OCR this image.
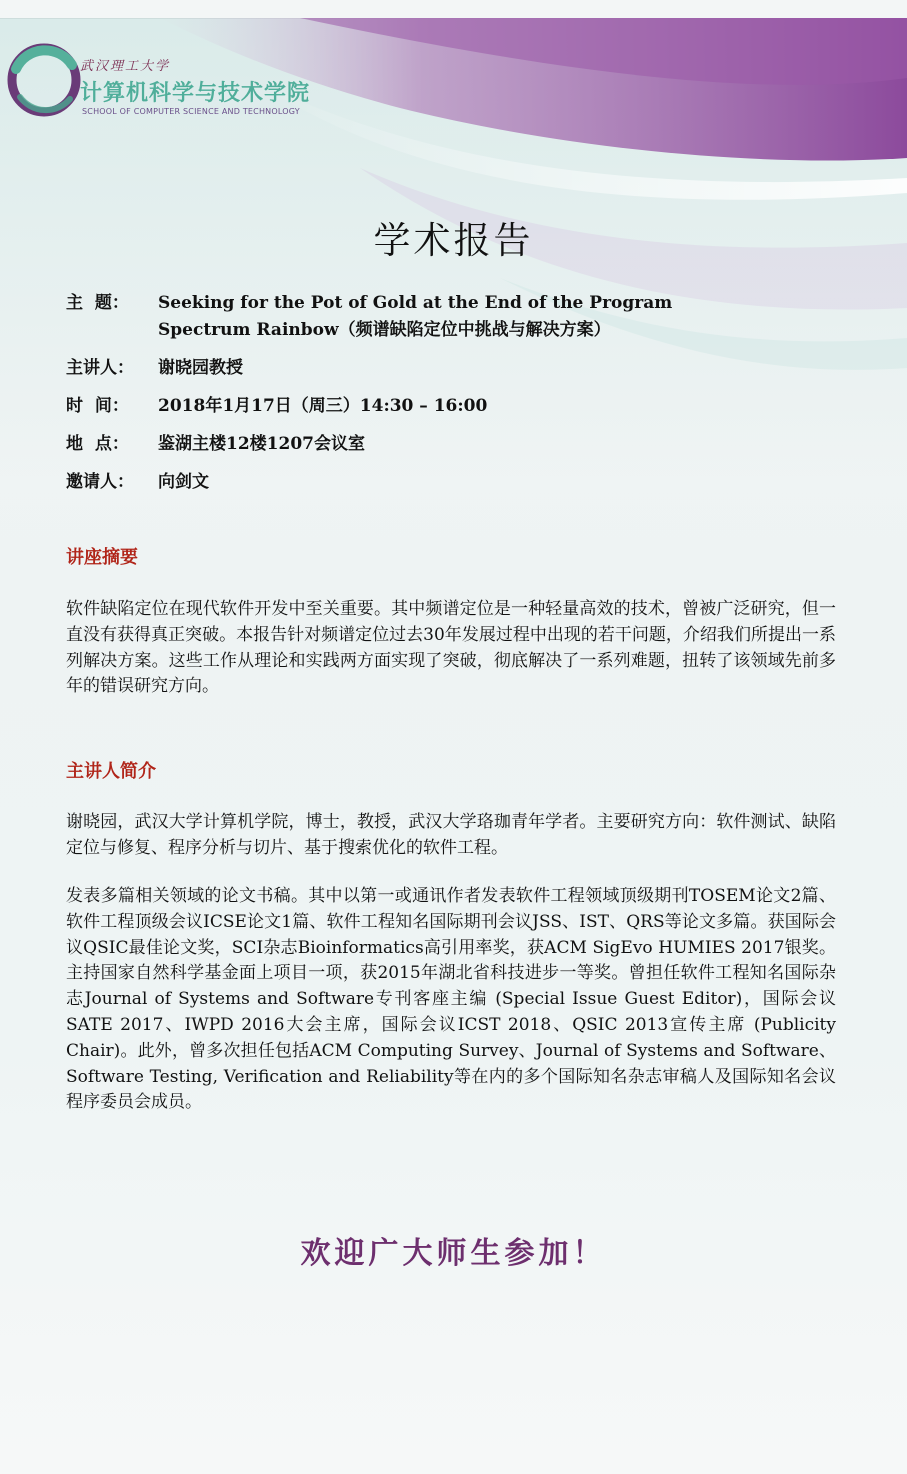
武汉理工大学
计算机科学与技术学院
SCHOOL OF COMPUTER SCIENCE AND TECHNOLOGY
学术报告
主  题：	Seeking for the Pot of Gold at the End of the Program
Spectrum Rainbow（频谱缺陷定位中挑战与解决方案）
主讲人：	谢晓园教授
时  间：	2018年1月17日（周三）14:30 – 16:00
地  点：	鉴湖主楼12楼1207会议室
邀请人：	向剑文
讲座摘要
软件缺陷定位在现代软件开发中至关重要。其中频谱定位是一种轻量高效的技术，曾被广泛研究，但一直没有获得真正突破。本报告针对频谱定位过去30年发展过程中出现的若干问题，介绍我们所提出一系列解决方案。这些工作从理论和实践两方面实现了突破，彻底解决了一系列难题，扭转了该领域先前多年的错误研究方向。
主讲人简介
谢晓园，武汉大学计算机学院，博士，教授，武汉大学珞珈青年学者。主要研究方向：软件测试、缺陷定位与修复、程序分析与切片、基于搜索优化的软件工程。
发表多篇相关领域的论文书稿。其中以第一或通讯作者发表软件工程领域顶级期刊TOSEM论文2篇、软件工程顶级会议ICSE论文1篇、软件工程知名国际期刊会议JSS、IST、QRS等论文多篇。获国际会议QSIC最佳论文奖，SCI杂志Bioinformatics高引用率奖，获ACM SigEvo HUMIES 2017银奖。主持国家自然科学基金面上项目一项，获2015年湖北省科技进步一等奖。曾担任软件工程知名国际杂志Journal of Systems and Software专刊客座主编 (Special Issue Guest Editor)，国际会议SATE 2017、IWPD 2016大会主席，国际会议ICST 2018、QSIC 2013宣传主席 (Publicity Chair)。此外，曾多次担任包括ACM Computing Survey、Journal of Systems and Software、Software Testing, Verification and Reliability等在内的多个国际知名杂志审稿人及国际知名会议程序委员会成员。
欢迎广大师生参加！
